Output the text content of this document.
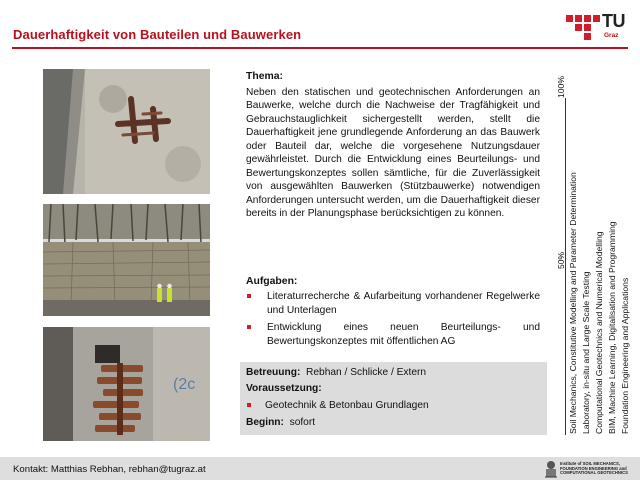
Dauerhaftigkeit von Bauteilen und Bauwerken
TU
Graz
(2c
Thema:
Neben den statischen und geotechnischen Anforderungen an Bauwerke, welche durch die Nachweise der Tragfähigkeit und Gebrauchstauglichkeit sichergestellt werden, stellt die Dauerhaftigkeit jene grundlegende Anforderung an das Bauwerk oder Bauteil dar, welche die vorgesehene Nutzungsdauer gewährleistet. Durch die Entwicklung eines Beurteilungs- und Bewertungskonzeptes sollen sämtliche, für die Zuverlässigkeit von ausgewählten Bauwerken (Stützbauwerke) notwendigen Anforderungen untersucht werden, um die Dauerhaftigkeit dieser bereits in der Planungsphase berücksichtigen zu können.
Aufgaben:
Literaturrecherche & Aufarbeitung vorhandener Regelwerke und Unterlagen
Entwicklung eines neuen Beurteilungs- und Bewertungskonzeptes mit öffentlichen AG
Betreuung: Rebhan / Schlicke / Extern
Voraussetzung:
Geotechnik & Betonbau Grundlagen
Beginn: sofort
100%
50% Soil Mechanics, Constitutive Modelling and Parameter Determination Laboratory, in-situ and Large Scale Testing Computational Geotechnics and Numerical Modelling BIM, Machine Learning, Digitalisation and Programming Foundation Engineering and Applications
Kontakt: Matthias Rebhan, rebhan@tugraz.at
Institute of SOIL MECHANICS, FOUNDATION ENGINEERING and COMPUTATIONAL GEOTECHNICS
